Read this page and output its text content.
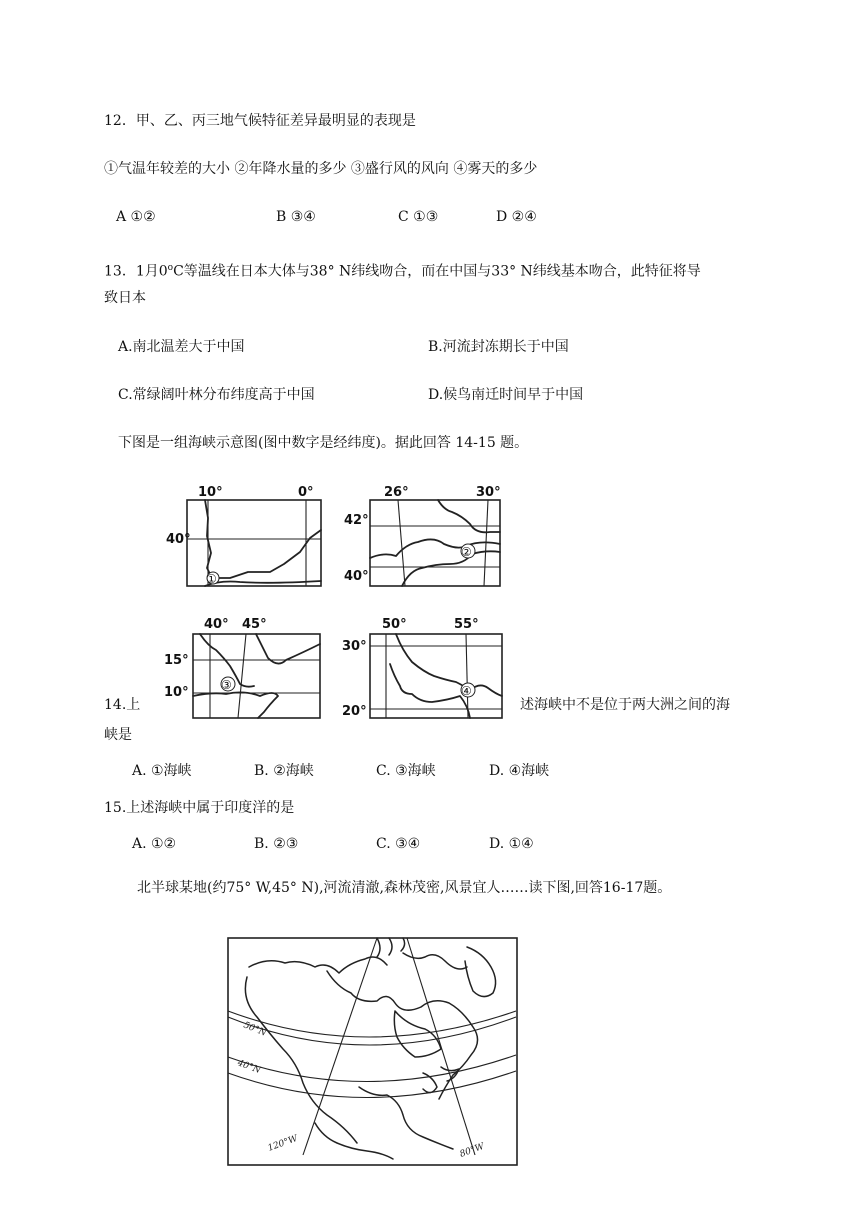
12．甲、乙、丙三地气候特征差异最明显的表现是
①气温年较差的大小 ②年降水量的多少 ③盛行风的风向 ④雾天的多少
A ①②	B ③④	C ①③	D ②④
13．1月0$^o$C等温线在日本大体与38° N纬线吻合，而在中国与33° N纬线基本吻合，此特征将导
致日本
A.南北温差大于中国	B.河流封冻期长于中国
C.常绿阔叶林分布纬度高于中国	D.候鸟南迁时间早于中国
下图是一组海峡示意图(图中数字是经纬度)。据此回答 14-15 题。
10°	0°
40°
①
26°	30°
42°
40°
②
40° 45°
15°
10°	③
50°	55°
30°
20°
④
14.上	述海峡中不是位于两大洲之间的海
峡是
A. ①海峡	B. ②海峡	C. ③海峡	D. ④海峡
15.上述海峡中属于印度洋的是
A. ①②	B. ②③	C. ③④	D. ①④
北半球某地(约75° W,45° N),河流清澈,森林茂密,风景宜人……读下图,回答16-17题。
50°N
40°N
120°W	80°W
